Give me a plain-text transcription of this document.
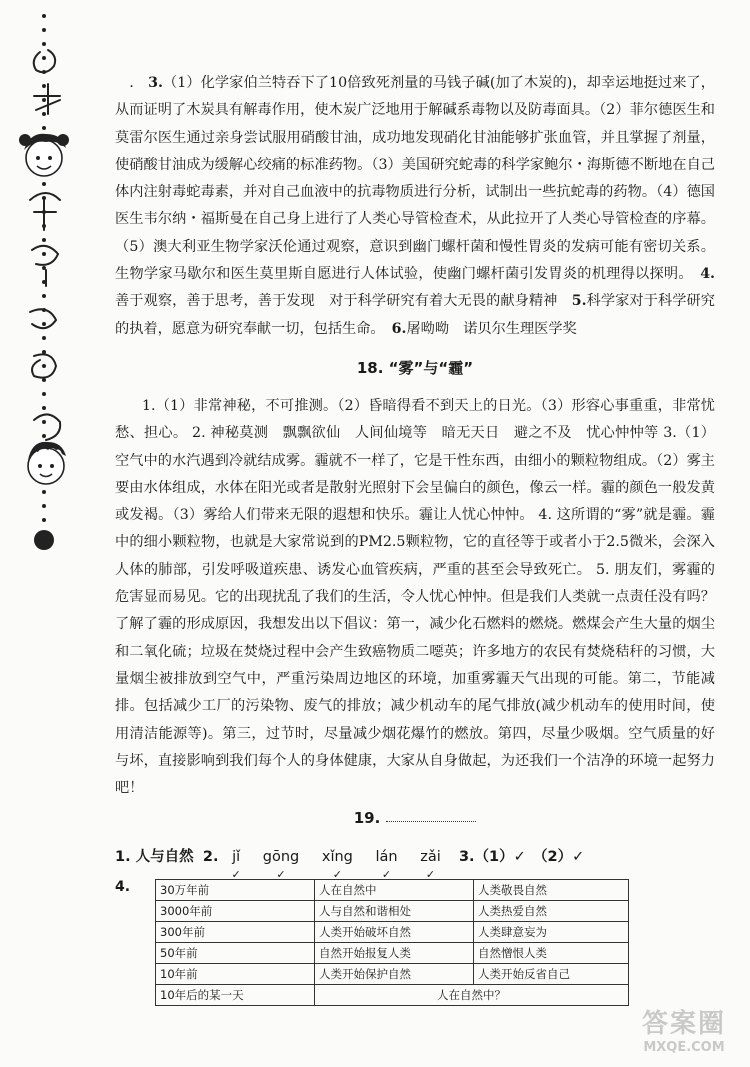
　.　3.（1）化学家伯兰特吞下了10倍致死剂量的马钱子碱(加了木炭的)，却幸运地挺过来了，从而证明了木炭具有解毒作用，使木炭广泛地用于解碱系毒物以及防毒面具。（2）菲尔德医生和莫雷尔医生通过亲身尝试服用硝酸甘油，成功地发现硝化甘油能够扩张血管，并且掌握了剂量，使硝酸甘油成为缓解心绞痛的标准药物。（3）美国研究蛇毒的科学家鲍尔・海斯德不断地在自己体内注射毒蛇毒素，并对自己血液中的抗毒物质进行分析，试制出一些抗蛇毒的药物。（4）德国医生韦尔纳・福斯曼在自己身上进行了人类心导管检查术，从此拉开了人类心导管检查的序幕。（5）澳大利亚生物学家沃伦通过观察，意识到幽门螺杆菌和慢性胃炎的发病可能有密切关系。生物学家马歇尔和医生莫里斯自愿进行人体试验，使幽门螺杆菌引发胃炎的机理得以探明。　 4.善于观察，善于思考，善于发现　对于科学研究有着大无畏的献身精神　 5.科学家对于科学研究的执着，愿意为研究奉献一切，包括生命。　 6.屠呦呦　诺贝尔生理医学奖

18. “雾”与“霾”

1.（1）非常神秘，不可推测。（2）昏暗得看不到天上的日光。（3）形容心事重重，非常忧愁、担心。 2. 神秘莫测　飘飘欲仙　人间仙境等　暗无天日　避之不及　忧心忡忡等 3.（1）空气中的水汽遇到冷就结成雾。霾就不一样了，它是干性东西，由细小的颗粒物组成。（2）雾主要由水体组成，水体在阳光或者是散射光照射下会呈偏白的颜色，像云一样。霾的颜色一般发黄或发褐。（3）雾给人们带来无限的遐想和快乐。霾让人忧心忡忡。 4. 这所谓的“雾”就是霾。霾中的细小颗粒物，也就是大家常说到的PM2.5颗粒物，它的直径等于或者小于2.5微米，会深入人体的肺部，引发呼吸道疾患、诱发心血管疾病，严重的甚至会导致死亡。 5. 朋友们，雾霾的危害显而易见。它的出现扰乱了我们的生活，令人忧心忡忡。但是我们人类就一点责任没有吗？了解了霾的形成原因，我想发出以下倡议：第一，减少化石燃料的燃烧。燃煤会产生大量的烟尘和二氧化硫；垃圾在焚烧过程中会产生致癌物质二噁英；许多地方的农民有焚烧秸秆的习惯，大量烟尘被排放到空气中，严重污染周边地区的环境，加重雾霾天气出现的可能。第二，节能减排。包括减少工厂的污染物、废气的排放；减少机动车的尾气排放(减少机动车的使用时间，使用清洁能源等)。第三，过节时，尽量减少烟花爆竹的燃放。第四，尽量少吸烟。空气质量的好与坏，直接影响到我们每个人的身体健康，大家从自身做起，为还我们一个洁净的环境一起努力吧！

19.
1. 人与自然 2. jǐ
✓
gōng
✓
xǐng
✓
lán
✓
zǎi
✓
3.（1）✓　（2）✓
4.	30万年前	人在自然中	人类敬畏自然
3000年前	人与自然和谐相处	人类热爱自然
300年前	人类开始破坏自然	人类肆意妄为
50年前	自然开始报复人类	自然憎恨人类
10年前	人类开始保护自然	人类开始反省自己
10年后的某一天	人在自然中？	
答案圈
MXQE.COM
